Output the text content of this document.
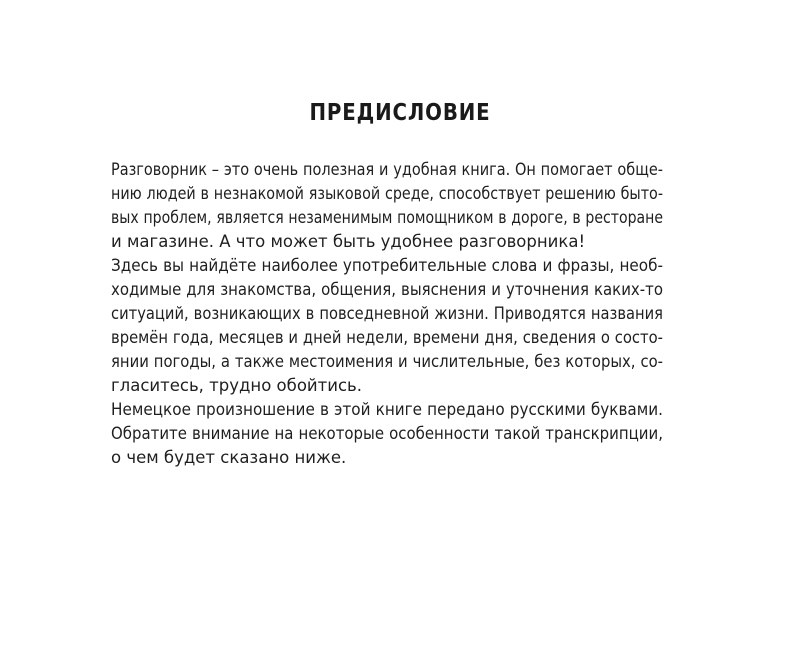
ПРЕДИСЛОВИЕ
Разговорник – это очень полезная и удобная книга. Он помогает обще-
нию людей в незнакомой языковой среде, способствует решению быто-
вых проблем, является незаменимым помощником в дороге, в ресторане
и магазине. А что может быть удобнее разговорника!
Здесь вы найдёте наиболее употребительные слова и фразы, необ-
ходимые для знакомства, общения, выяснения и уточнения каких-то
ситуаций, возникающих в повседневной жизни. Приводятся названия
времён года, месяцев и дней недели, времени дня, сведения о состо-
янии погоды, а также местоимения и числительные, без которых, со-
гласитесь, трудно обойтись.
Немецкое произношение в этой книге передано русскими буквами.
Обратите внимание на некоторые особенности такой транскрипции,
о чем будет сказано ниже.
